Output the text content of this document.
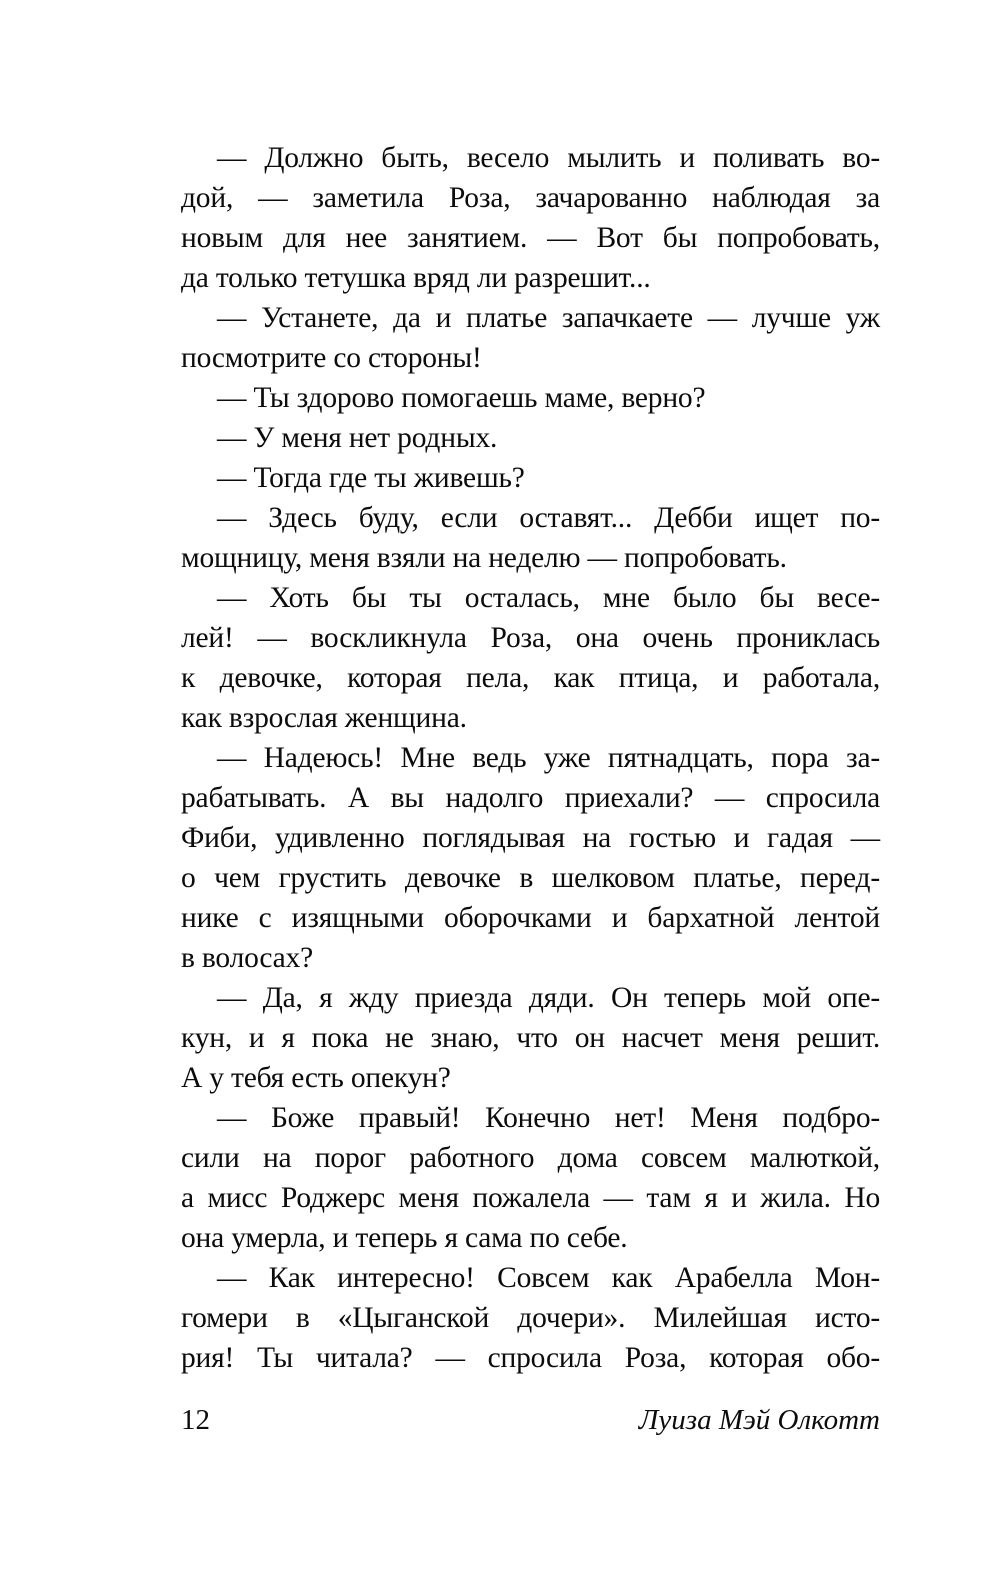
— Должно быть, весело мылить и поливать во-
дой, — заметила Роза, зачарованно наблюдая за
новым для нее занятием. — Вот бы попробовать,
да только тетушка вряд ли разрешит...

— Устанете, да и платье запачкаете — лучше уж
посмотрите со стороны!

— Ты здорово помогаешь маме, верно?

— У меня нет родных.

— Тогда где ты живешь?

— Здесь буду, если оставят... Дебби ищет по-
мощницу, меня взяли на неделю — попробовать.

— Хоть бы ты осталась, мне было бы весе-
лей! — воскликнула Роза, она очень прониклась
к девочке, которая пела, как птица, и работала,
как взрослая женщина.

— Надеюсь! Мне ведь уже пятнадцать, пора за-
рабатывать. А вы надолго приехали? — спросила
Фиби, удивленно поглядывая на гостью и гадая —
о чем грустить девочке в шелковом платье, перед-
нике с изящными оборочками и бархатной лентой
в волосах?

— Да, я жду приезда дяди. Он теперь мой опе-
кун, и я пока не знаю, что он насчет меня решит.
А у тебя есть опекун?

— Боже правый! Конечно нет! Меня подбро-
сили на порог работного дома совсем малюткой,
а мисс Роджерс меня пожалела — там я и жила. Но
она умерла, и теперь я сама по себе.

— Как интересно! Совсем как Арабелла Мон-
гомери в «Цыганской дочери». Милейшая исто-
рия! Ты читала? — спросила Роза, которая обо-

12	Луиза Мэй Олкотт
